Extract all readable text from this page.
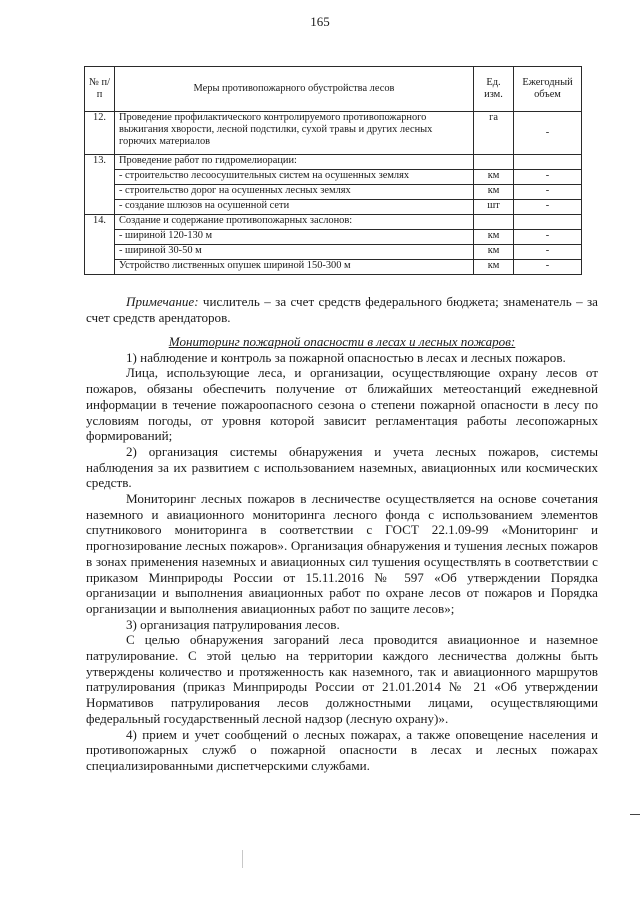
165
№ п/п	Меры противопожарного обустройства лесов	Ед. изм.	Ежегодный объем
12.	Проведение профилактического контролируемого противопожарного выжигания хворости, лесной подстилки, сухой травы и других лесных горючих материалов	га	-
13.	Проведение работ по гидромелиорации:		
	- строительство лесоосушительных систем на осушенных землях	км	-
	- строительство дорог на осушенных лесных землях	км	-
	- создание шлюзов на осушенной сети	шт	-
14.	Создание и содержание противопожарных заслонов:		
	- шириной 120-130 м	км	-
	- шириной 30-50 м	км	-
	Устройство лиственных опушек шириной 150-300 м	км	-

Примечание: числитель – за счет средств федерального бюджета; знаменатель – за счет средств арендаторов.

Мониторинг пожарной опасности в лесах и лесных пожаров:

1) наблюдение и контроль за пожарной опасностью в лесах и лесных пожаров.

Лица, использующие леса, и организации, осуществляющие охрану лесов от пожаров, обязаны обеспечить получение от ближайших метеостанций ежедневной информации в течение пожароопасного сезона о степени пожарной опасности в лесу по условиям погоды, от уровня которой зависит регламентация работы лесопожарных формирований;

2) организация системы обнаружения и учета лесных пожаров, системы наблюдения за их развитием с использованием наземных, авиационных или космических средств.

Мониторинг лесных пожаров в лесничестве осуществляется на основе сочетания наземного и авиационного мониторинга лесного фонда с использованием элементов спутникового мониторинга в соответствии с ГОСТ 22.1.09-99 «Мониторинг и прогнозирование лесных пожаров». Организация обнаружения и тушения лесных пожаров в зонах применения наземных и авиационных сил тушения осуществлять в соответствии с приказом Минприроды России от 15.11.2016 № 597 «Об утверждении Порядка организации и выполнения авиационных работ по охране лесов от пожаров и Порядка организации и выполнения авиационных работ по защите лесов»;

3) организация патрулирования лесов.

С целью обнаружения загораний леса проводится авиационное и наземное патрулирование. С этой целью на территории каждого лесничества должны быть утверждены количество и протяженность как наземного, так и авиационного маршрутов патрулирования (приказ Минприроды России от 21.01.2014 № 21 «Об утверждении Нормативов патрулирования лесов должностными лицами, осуществляющими федеральный государственный лесной надзор (лесную охрану)».

4) прием и учет сообщений о лесных пожарах, а также оповещение населения и противопожарных служб о пожарной опасности в лесах и лесных пожарах специализированными диспетчерскими службами.
